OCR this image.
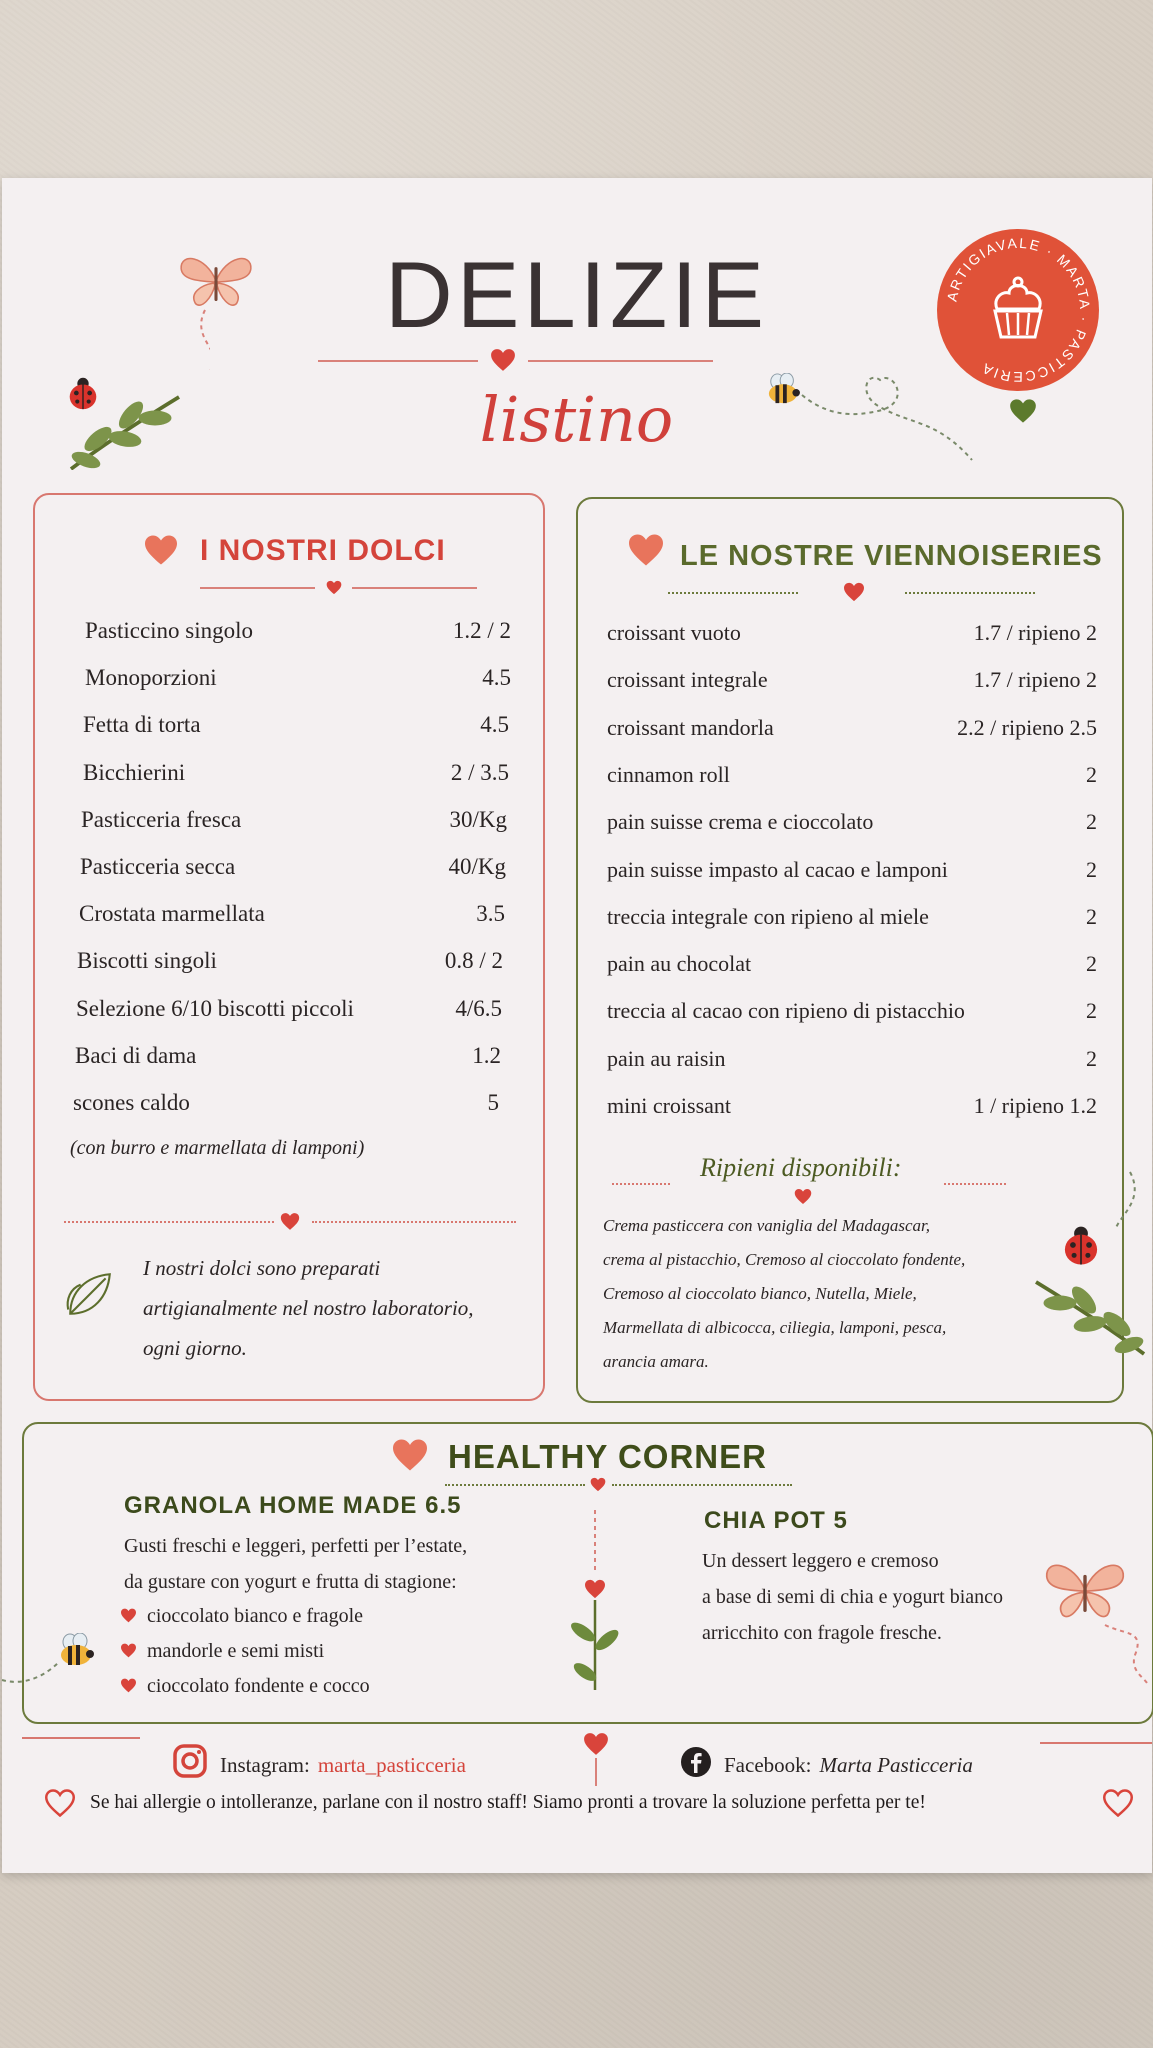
DELIZIE
listino
ARTIGIAVALE · MARTA · PASTICCERIA
I NOSTRI DOLCI
Pasticcino singolo	1.2 / 2
Monoporzioni	4.5
Fetta di torta	4.5
Bicchierini	2 / 3.5
Pasticceria fresca	30/Kg
Pasticceria secca	40/Kg
Crostata marmellata	3.5
Biscotti singoli	0.8 / 2
Selezione 6/10 biscotti piccoli	4/6.5
Baci di dama	1.2
scones caldo	5
(con burro e marmellata di lamponi)
I nostri dolci sono preparati
artigianalmente nel nostro laboratorio,
ogni giorno.
LE NOSTRE VIENNOISERIES
croissant vuoto	1.7 / ripieno 2
croissant integrale	1.7 / ripieno 2
croissant mandorla	2.2 / ripieno 2.5
cinnamon roll	2
pain suisse crema e cioccolato	2
pain suisse impasto al cacao e lamponi	2
treccia integrale con ripieno al miele	2
pain au chocolat	2
treccia al cacao con ripieno di pistacchio	2
pain au raisin	2
mini croissant	1 / ripieno 1.2
Ripieni disponibili:
Crema pasticcera con vaniglia del Madagascar,
crema al pistacchio, Cremoso al cioccolato fondente,
Cremoso al cioccolato bianco, Nutella, Miele,
Marmellata di albicocca, ciliegia, lamponi, pesca,
arancia amara.
HEALTHY CORNER
GRANOLA HOME MADE 6.5
Gusti freschi e leggeri, perfetti per l’estate,
da gustare con yogurt e frutta di stagione:
cioccolato bianco e fragole
mandorle e semi misti
cioccolato fondente e cocco
CHIA POT 5
Un dessert leggero e cremoso
a base di semi di chia e yogurt bianco
arricchito con fragole fresche.
Instagram: marta_pasticceria	Facebook: Marta Pasticceria
Se hai allergie o intolleranze, parlane con il nostro staff! Siamo pronti a trovare la soluzione perfetta per te!
